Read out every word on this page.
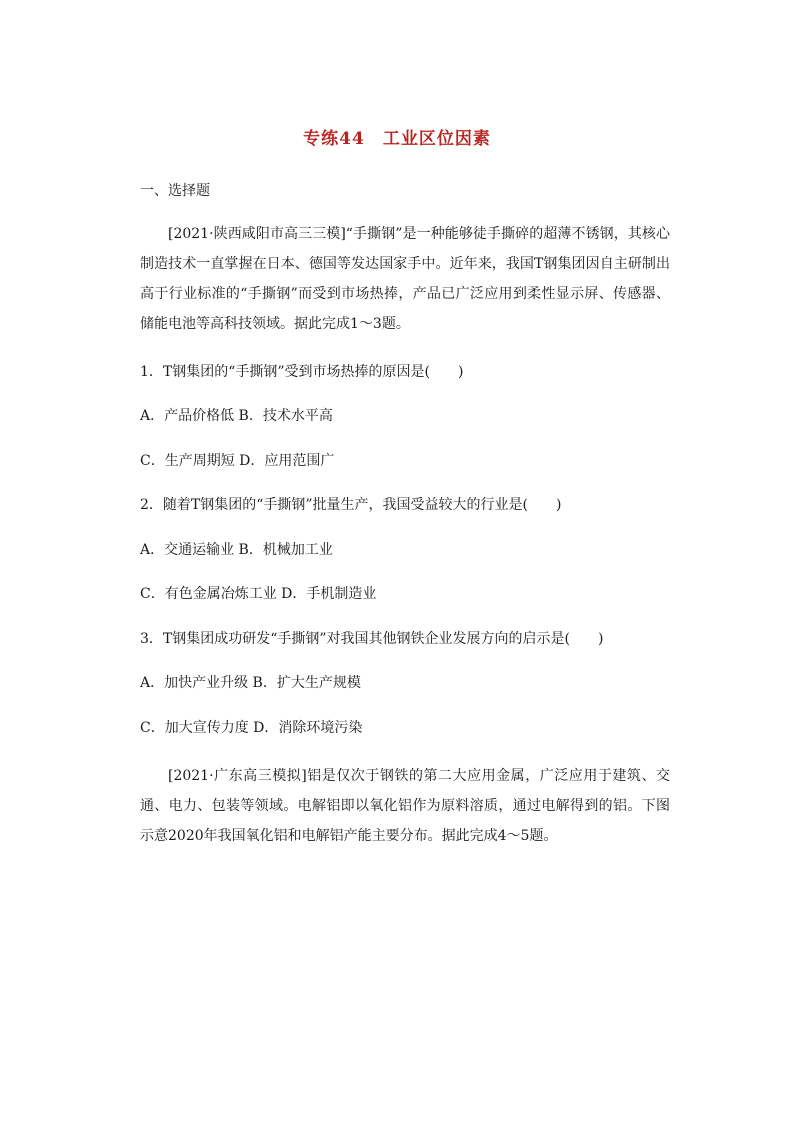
专练44　工业区位因素
一、选择题

[2021·陕西咸阳市高三三模]“手撕钢”是一种能够徒手撕碎的超薄不锈钢，其核心制造技术一直掌握在日本、德国等发达国家手中。近年来，我国T钢集团因自主研制出高于行业标准的“手撕钢”而受到市场热捧，产品已广泛应用到柔性显示屏、传感器、储能电池等高科技领域。据此完成1～3题。

1．T钢集团的“手撕钢”受到市场热捧的原因是(　　)
A．产品价格低 B．技术水平高
C．生产周期短 D．应用范围广
2．随着T钢集团的“手撕钢”批量生产，我国受益较大的行业是(　　)
A．交通运输业 B．机械加工业
C．有色金属冶炼工业 D．手机制造业
3．T钢集团成功研发“手撕钢”对我国其他钢铁企业发展方向的启示是(　　)
A．加快产业升级 B．扩大生产规模
C．加大宣传力度 D．消除环境污染

[2021·广东高三模拟]铝是仅次于钢铁的第二大应用金属，广泛应用于建筑、交通、电力、包装等领域。电解铝即以氧化铝作为原料溶质，通过电解得到的铝。下图示意2020年我国氧化铝和电解铝产能主要分布。据此完成4～5题。
